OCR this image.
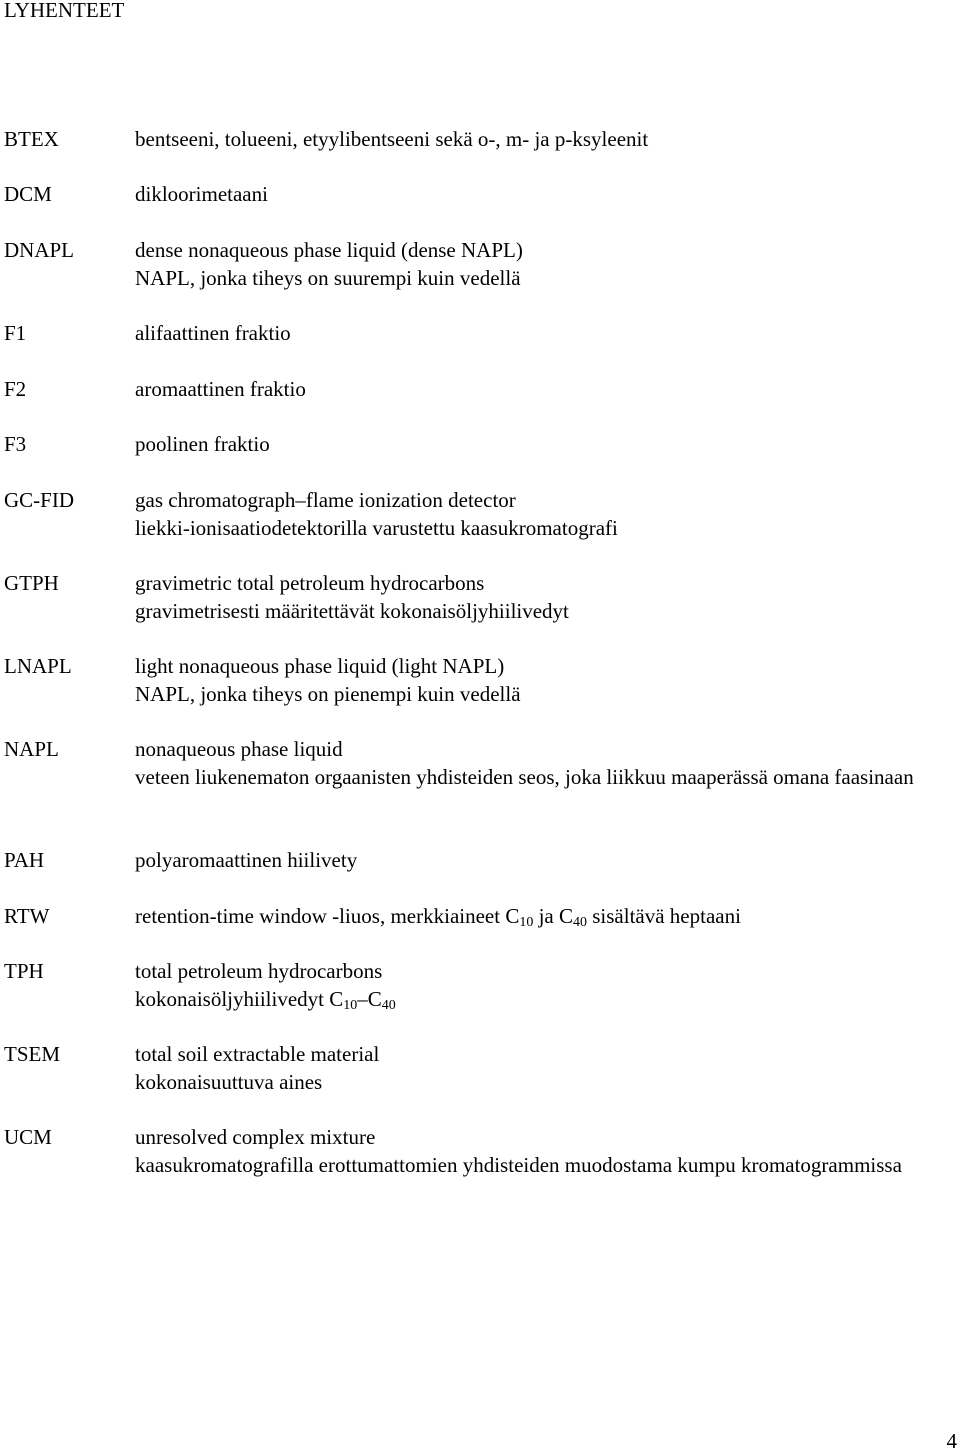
LYHENTEET
BTEX	bentseeni, tolueeni, etyylibentseeni sekä o-, m- ja p-ksyleenit
DCM	dikloorimetaani
DNAPL	dense nonaqueous phase liquid (dense NAPL)
NAPL, jonka tiheys on suurempi kuin vedellä
F1	alifaattinen fraktio
F2	aromaattinen fraktio
F3	poolinen fraktio
GC-FID	gas chromatograph–flame ionization detector
liekki-ionisaatiodetektorilla varustettu kaasukromatografi
GTPH	gravimetric total petroleum hydrocarbons
gravimetrisesti määritettävät kokonaisöljyhiilivedyt
LNAPL	light nonaqueous phase liquid (light NAPL)
NAPL, jonka tiheys on pienempi kuin vedellä
NAPL	nonaqueous phase liquid
veteen liukenematon orgaanisten yhdisteiden seos, joka liikkuu maaperässä omana faasinaan
PAH	polyaromaattinen hiilivety
RTW	retention-time window -liuos, merkkiaineet $C_{10}$ ja $C_{40}$ sisältävä heptaani
TPH	total petroleum hydrocarbons
kokonaisöljyhiilivedyt $C_{10}-C_{40}$
TSEM	total soil extractable material
kokonaisuuttuva aines
UCM	unresolved complex mixture
kaasukromatografilla erottumattomien yhdisteiden muodostama kumpu kromatogrammissa
4
